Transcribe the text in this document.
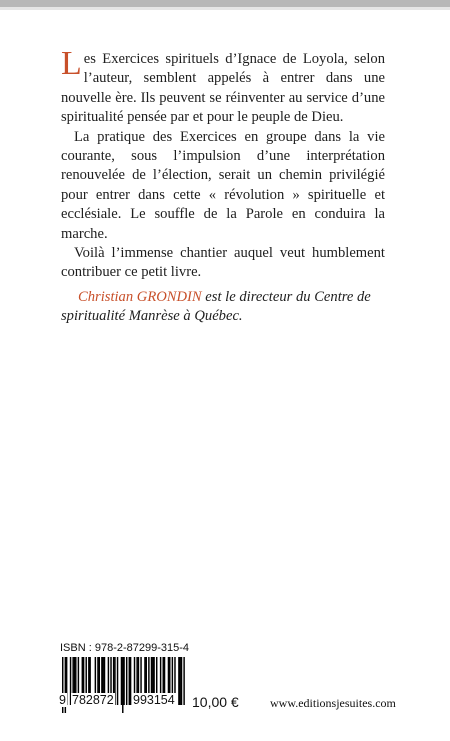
Les Exercices spirituels d’Ignace de Loyola, selon l’auteur, semblent appelés à entrer dans une nouvelle ère. Ils peuvent se réinventer au service d’une spiritualité pensée par et pour le peuple de Dieu.

La pratique des Exercices en groupe dans la vie courante, sous l’impulsion d’une interprétation renouvelée de l’élection, serait un chemin privilégié pour entrer dans cette « révolution » spirituelle et ecclésiale. Le souffle de la Parole en conduira la marche.

Voilà l’immense chantier auquel veut humblement contribuer ce petit livre.

Christian GRONDIN est le directeur du Centre de spiritualité Manrèse à Québec.
ISBN : 978-2-87299-315-4
9 782872 993154 10,00 €	www.editionsjesuites.com
